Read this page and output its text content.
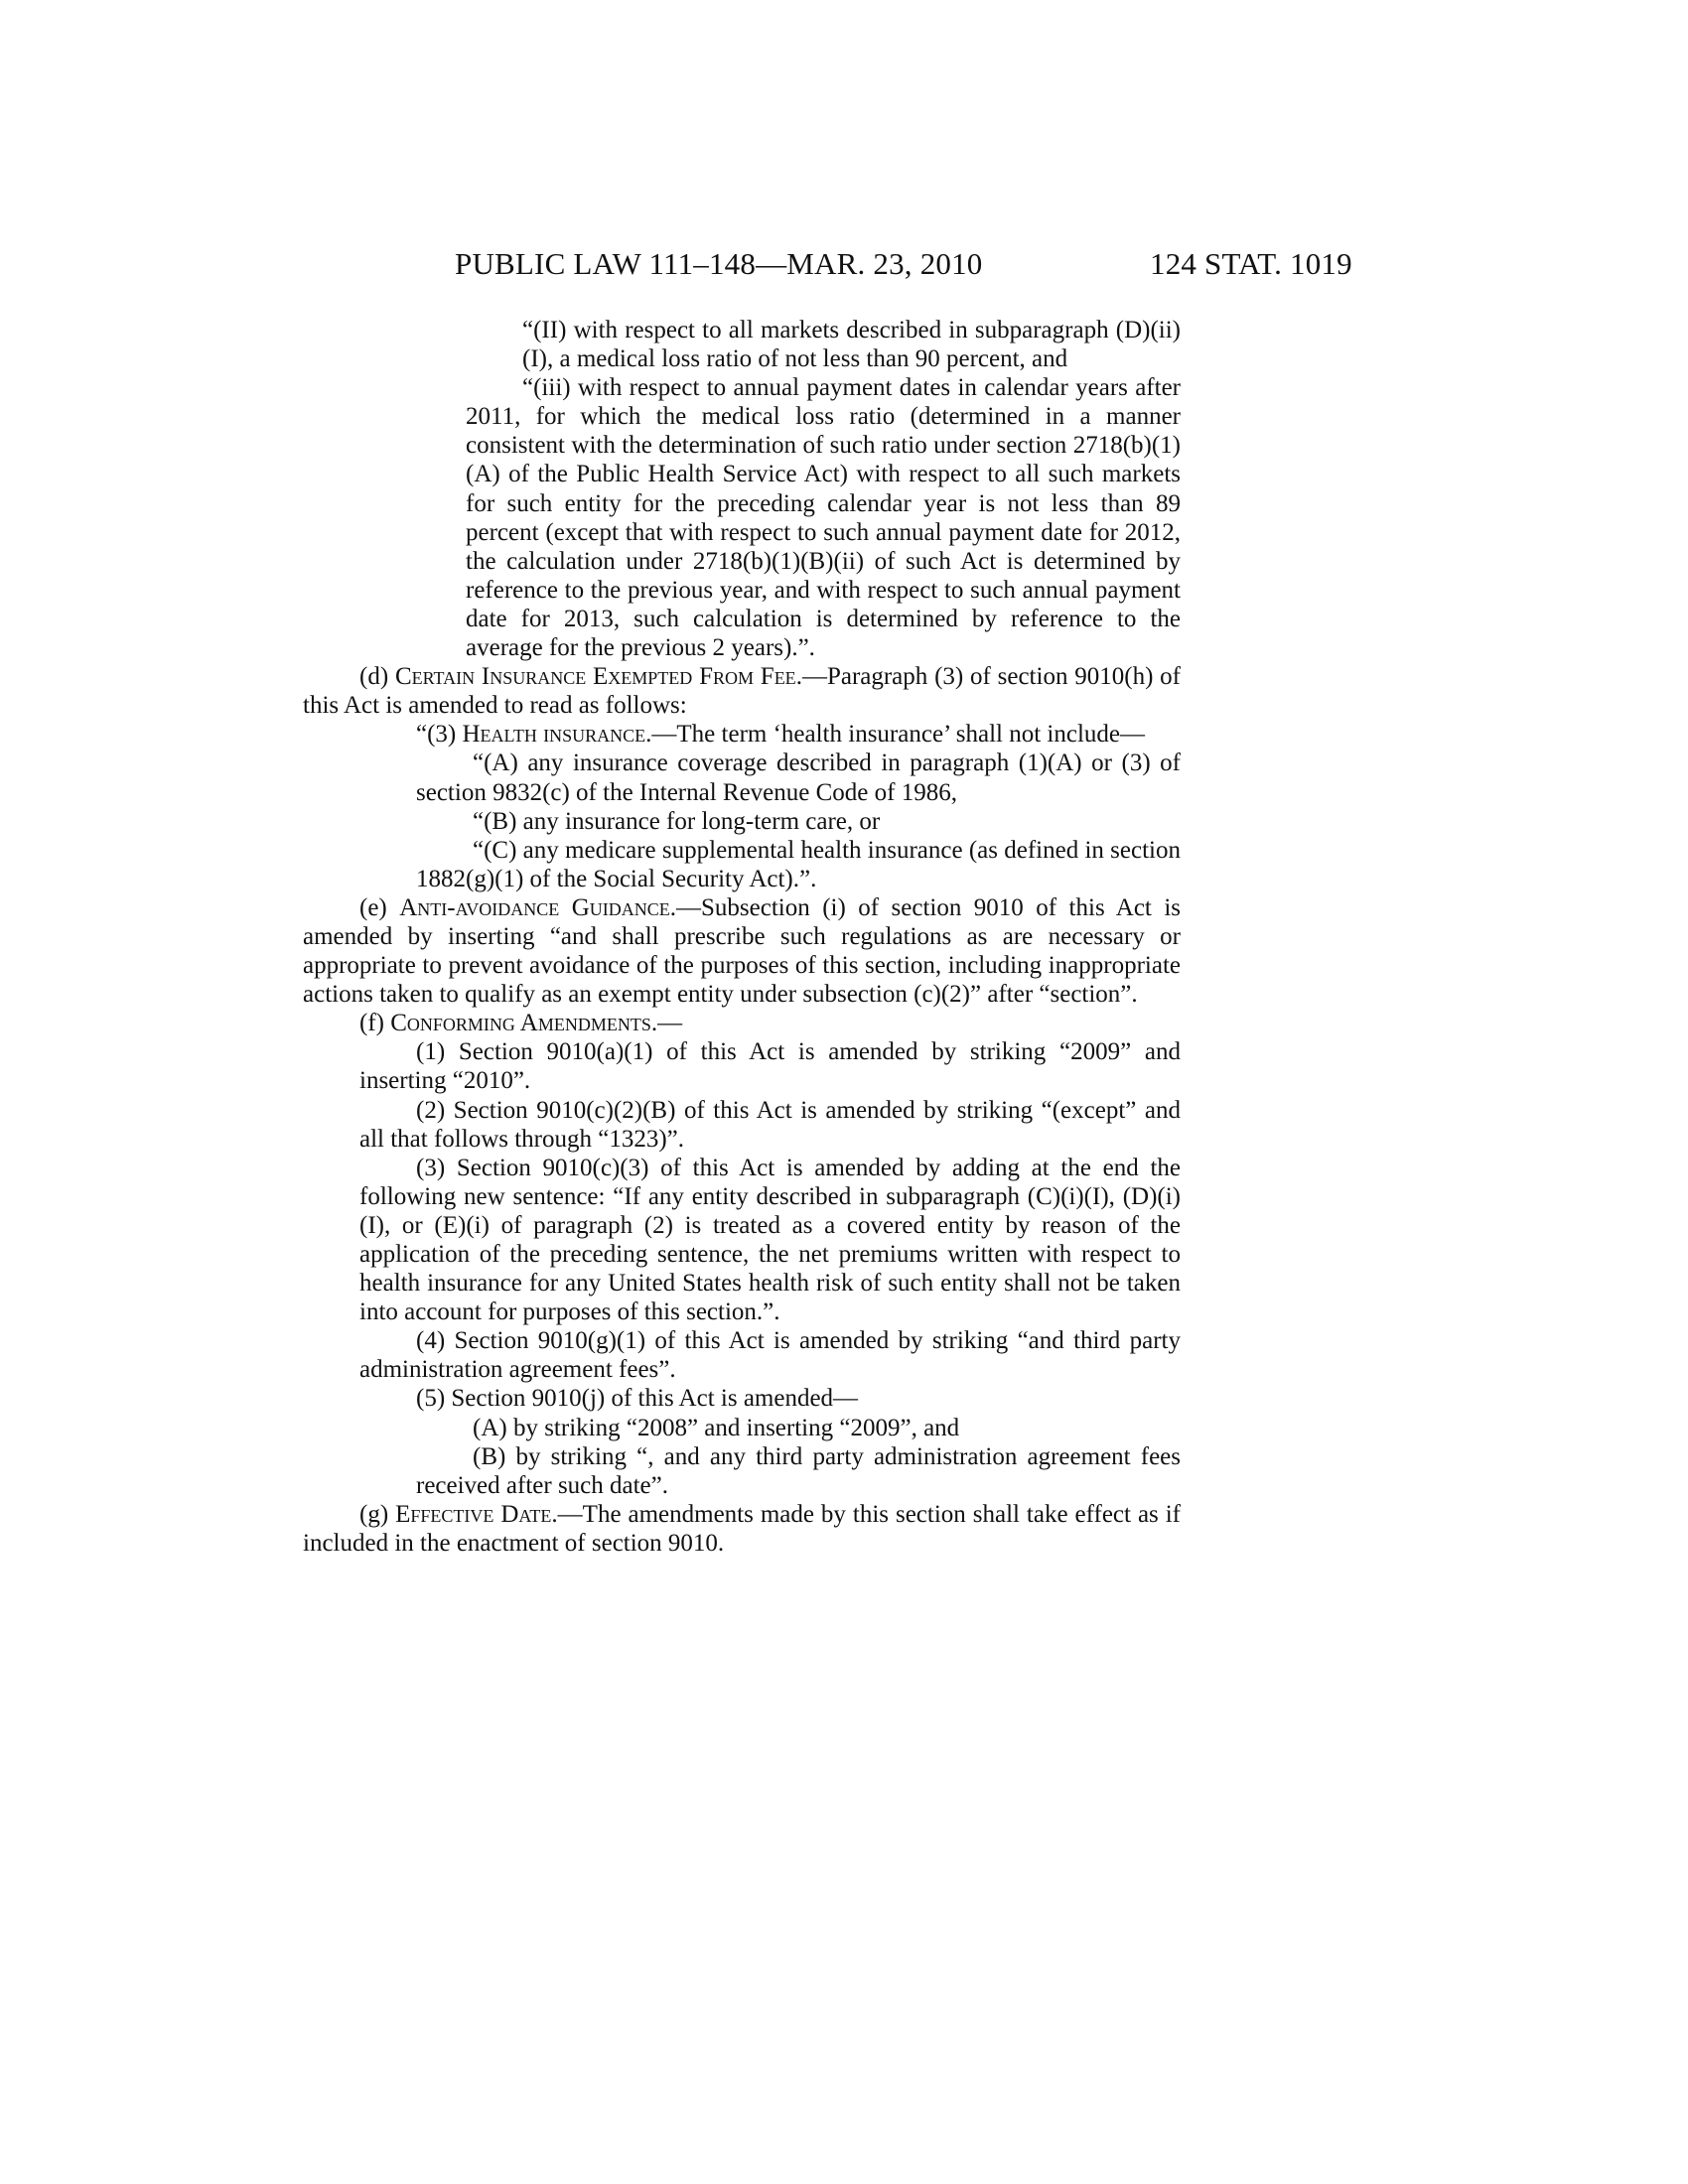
PUBLIC LAW 111–148—MAR. 23, 2010	124 STAT. 1019

“(II) with respect to all markets described in subparagraph (D)(ii)(I), a medical loss ratio of not less than 90 percent, and

“(iii) with respect to annual payment dates in calendar years after 2011, for which the medical loss ratio (determined in a manner consistent with the determination of such ratio under section 2718(b)(1)(A) of the Public Health Service Act) with respect to all such markets for such entity for the preceding calendar year is not less than 89 percent (except that with respect to such annual payment date for 2012, the calculation under 2718(b)(1)(B)(ii) of such Act is determined by reference to the previous year, and with respect to such annual payment date for 2013, such calculation is determined by reference to the average for the previous 2 years).”.

(d) Certain Insurance Exempted From Fee.—Paragraph (3) of section 9010(h) of this Act is amended to read as follows:

“(3) Health insurance.—The term ‘health insurance’ shall not include—

“(A) any insurance coverage described in paragraph (1)(A) or (3) of section 9832(c) of the Internal Revenue Code of 1986,

“(B) any insurance for long-term care, or

“(C) any medicare supplemental health insurance (as defined in section 1882(g)(1) of the Social Security Act).”.

(e) Anti-avoidance Guidance.—Subsection (i) of section 9010 of this Act is amended by inserting “and shall prescribe such regulations as are necessary or appropriate to prevent avoidance of the purposes of this section, including inappropriate actions taken to qualify as an exempt entity under subsection (c)(2)” after “section”.

(f) Conforming Amendments.—

(1) Section 9010(a)(1) of this Act is amended by striking “2009” and inserting “2010”.

(2) Section 9010(c)(2)(B) of this Act is amended by striking “(except” and all that follows through “1323)”.

(3) Section 9010(c)(3) of this Act is amended by adding at the end the following new sentence: “If any entity described in subparagraph (C)(i)(I), (D)(i)(I), or (E)(i) of paragraph (2) is treated as a covered entity by reason of the application of the preceding sentence, the net premiums written with respect to health insurance for any United States health risk of such entity shall not be taken into account for purposes of this section.”.

(4) Section 9010(g)(1) of this Act is amended by striking “and third party administration agreement fees”.

(5) Section 9010(j) of this Act is amended—

(A) by striking “2008” and inserting “2009”, and

(B) by striking “, and any third party administration agreement fees received after such date”.

(g) Effective Date.—The amendments made by this section shall take effect as if included in the enactment of section 9010.
